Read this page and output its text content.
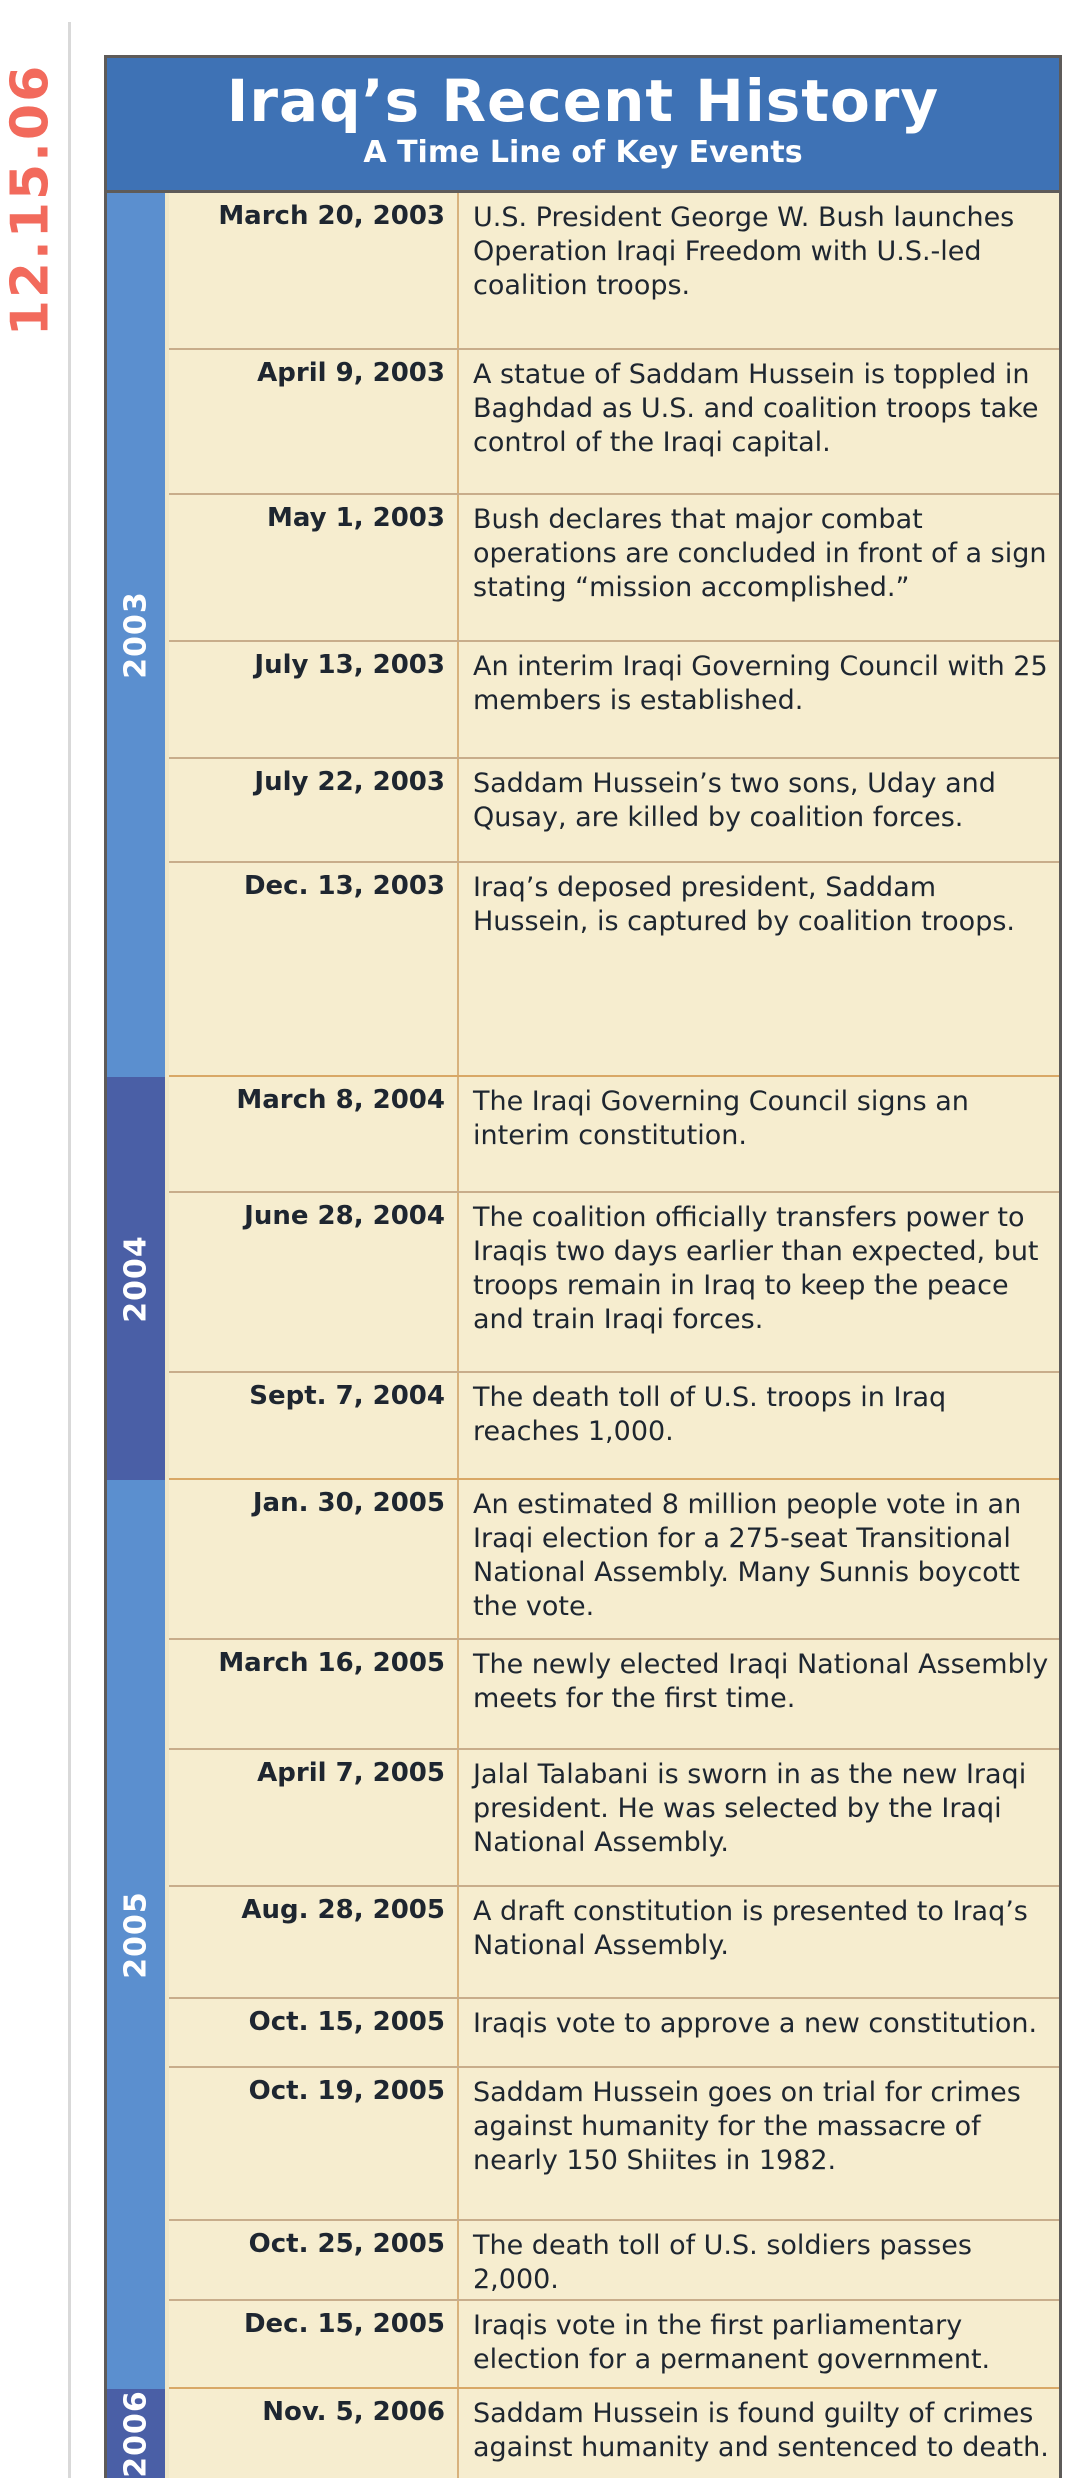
12.15.06	Iraq’s Recent History
A Time Line of Key Events
2003
2004
2005
2006
March 20, 2003	U.S. President George W. Bush launches Operation Iraqi Freedom with U.S.-led coalition troops.
April 9, 2003	A statue of Saddam Hussein is toppled in Baghdad as U.S. and coalition troops take control of the Iraqi capital.
May 1, 2003	Bush declares that major combat operations are concluded in front of a sign stating “mission accomplished.”
July 13, 2003	An interim Iraqi Governing Council with 25 members is established.
July 22, 2003	Saddam Hussein’s two sons, Uday and Qusay, are killed by coalition forces.
Dec. 13, 2003	Iraq’s deposed president, Saddam Hussein, is captured by coalition troops.
March 8, 2004	The Iraqi Governing Council signs an interim constitution.
June 28, 2004	The coalition officially transfers power to Iraqis two days earlier than expected, but troops remain in Iraq to keep the peace and train Iraqi forces.
Sept. 7, 2004	The death toll of U.S. troops in Iraq reaches 1,000.
Jan. 30, 2005	An estimated 8 million people vote in an Iraqi election for a 275-seat Transitional National Assembly. Many Sunnis boycott the vote.
March 16, 2005	The newly elected Iraqi National Assembly meets for the first time.
April 7, 2005	Jalal Talabani is sworn in as the new Iraqi president. He was selected by the Iraqi National Assembly.
Aug. 28, 2005	A draft constitution is presented to Iraq’s National Assembly.
Oct. 15, 2005	Iraqis vote to approve a new constitution.
Oct. 19, 2005	Saddam Hussein goes on trial for crimes against humanity for the massacre of nearly 150 Shiites in 1982.
Oct. 25, 2005	The death toll of U.S. soldiers passes 2,000.
Dec. 15, 2005	Iraqis vote in the first parliamentary election for a permanent government.
Nov. 5, 2006	Saddam Hussein is found guilty of crimes against humanity and sentenced to death.
